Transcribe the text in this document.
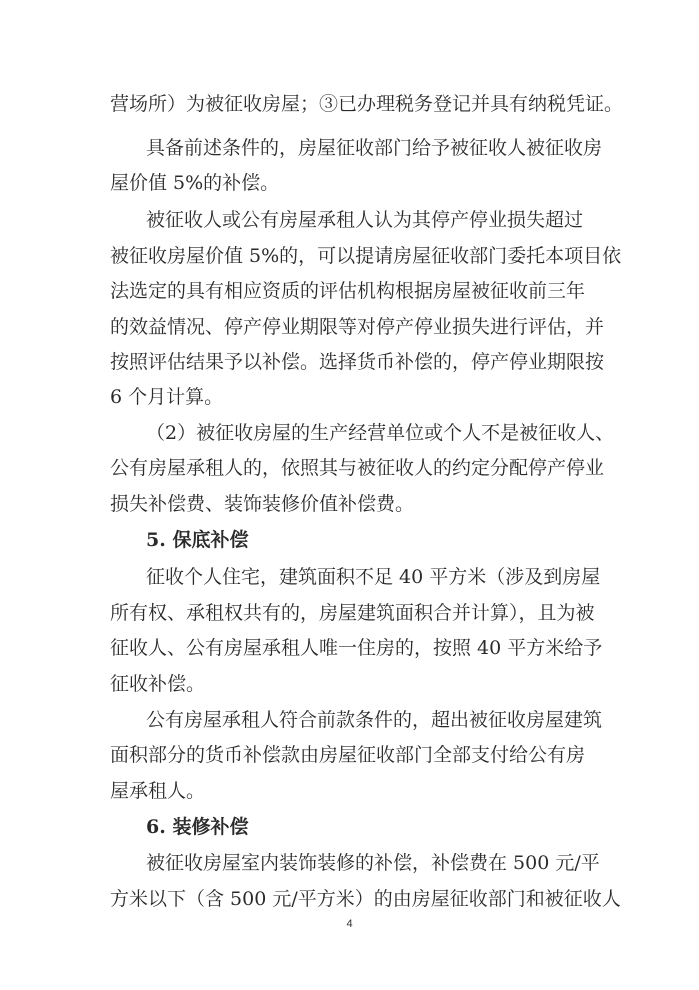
营场所）为被征收房屋；③已办理税务登记并具有纳税凭证。
具备前述条件的，房屋征收部门给予被征收人被征收房
屋价值 5%的补偿。
被征收人或公有房屋承租人认为其停产停业损失超过
被征收房屋价值 5%的，可以提请房屋征收部门委托本项目依
法选定的具有相应资质的评估机构根据房屋被征收前三年
的效益情况、停产停业期限等对停产停业损失进行评估，并
按照评估结果予以补偿。选择货币补偿的，停产停业期限按
6 个月计算。
（2）被征收房屋的生产经营单位或个人不是被征收人、
公有房屋承租人的，依照其与被征收人的约定分配停产停业
损失补偿费、装饰装修价值补偿费。
5. 保底补偿
征收个人住宅，建筑面积不足 40 平方米（涉及到房屋
所有权、承租权共有的，房屋建筑面积合并计算），且为被
征收人、公有房屋承租人唯一住房的，按照 40 平方米给予
征收补偿。
公有房屋承租人符合前款条件的，超出被征收房屋建筑
面积部分的货币补偿款由房屋征收部门全部支付给公有房
屋承租人。
6. 装修补偿
被征收房屋室内装饰装修的补偿，补偿费在 500 元/平
方米以下（含 500 元/平方米）的由房屋征收部门和被征收人
4
